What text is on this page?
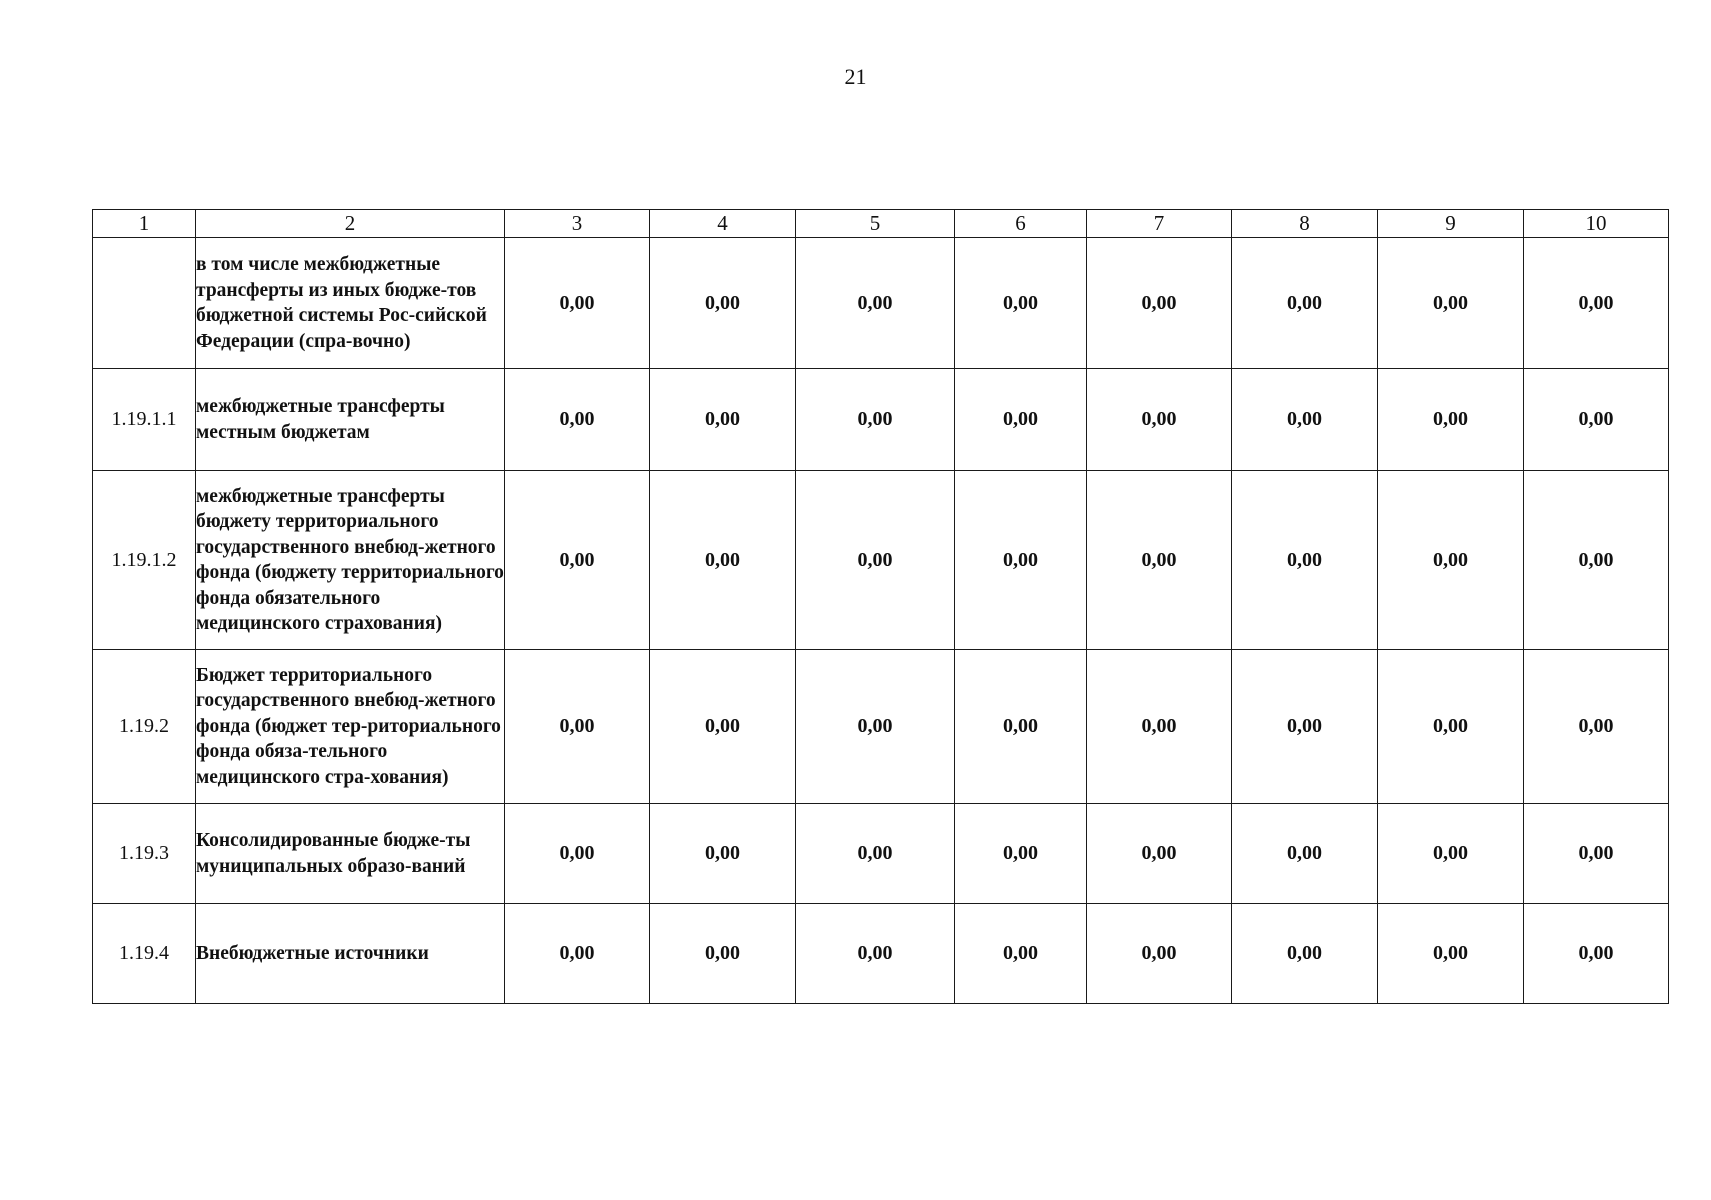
21
1	2	3	4	5	6	7	8	9	10
	в том числе межбюджетные трансферты из иных бюдже-тов бюджетной системы Рос-сийской Федерации (спра-вочно)	0,00	0,00	0,00	0,00	0,00	0,00	0,00	0,00
1.19.1.1	межбюджетные трансферты местным бюджетам	0,00	0,00	0,00	0,00	0,00	0,00	0,00	0,00
1.19.1.2	межбюджетные трансферты бюджету территориального государственного внебюд-жетного фонда (бюджету территориального фонда обязательного медицинского страхования)	0,00	0,00	0,00	0,00	0,00	0,00	0,00	0,00
1.19.2	Бюджет территориального государственного внебюд-жетного фонда (бюджет тер-риториального фонда обяза-тельного медицинского стра-хования)	0,00	0,00	0,00	0,00	0,00	0,00	0,00	0,00
1.19.3	Консолидированные бюдже-ты муниципальных образо-ваний	0,00	0,00	0,00	0,00	0,00	0,00	0,00	0,00
1.19.4	Внебюджетные источники	0,00	0,00	0,00	0,00	0,00	0,00	0,00	0,00
